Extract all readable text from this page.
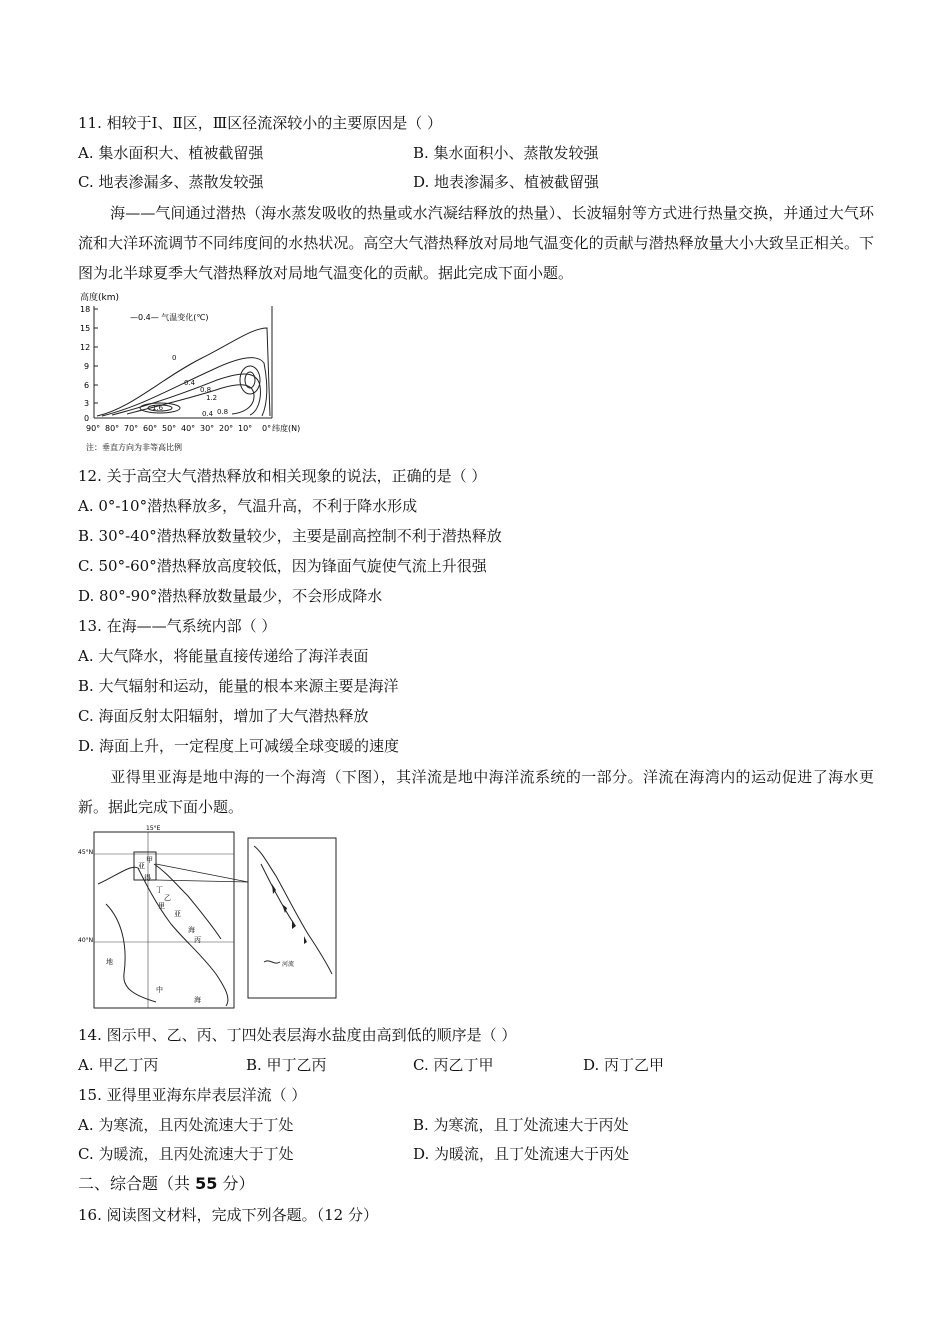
11. 相较于Ⅰ、Ⅱ区，Ⅲ区径流深较小的主要原因是（ ）
A. 集水面积大、植被截留强	B. 集水面积小、蒸散发较强
C. 地表渗漏多、蒸散发较强	D. 地表渗漏多、植被截留强
海——气间通过潜热（海水蒸发吸收的热量或水汽凝结释放的热量）、长波辐射等方式进行热量交换，并通过大气环流和大洋环流调节不同纬度间的水热状况。高空大气潜热释放对局地气温变化的贡献与潜热释放量大小大致呈正相关。下图为北半球夏季大气潜热释放对局地气温变化的贡献。据此完成下面小题。
高度(km)
18
15
12
9
6
3
0
90° 80° 70° 60° 50° 40° 30° 20° 10° 0° 纬度(N)
—0.4— 气温变化(℃)
0
0.4
0.8
1.2
1.6
0.4 0.8
注：垂直方向为非等高比例
12. 关于高空大气潜热释放和相关现象的说法，正确的是（ ）
A. 0°-10°潜热释放多，气温升高，不利于降水形成
B. 30°-40°潜热释放数量较少，主要是副高控制不利于潜热释放
C. 50°-60°潜热释放高度较低，因为锋面气旋使气流上升很强
D. 80°-90°潜热释放数量最少，不会形成降水
13. 在海——气系统内部（ ）
A. 大气降水，将能量直接传递给了海洋表面
B. 大气辐射和运动，能量的根本来源主要是海洋
C. 海面反射太阳辐射，增加了大气潜热释放
D. 海面上升，一定程度上可减缓全球变暖的速度
亚得里亚海是地中海的一个海湾（下图），其洋流是地中海洋流系统的一部分。洋流在海湾内的运动促进了海水更新。据此完成下面小题。
15°E
45°N
40°N
亚
甲
得
丁
里
亚
海
乙
丙
地
中
海
河流
14. 图示甲、乙、丙、丁四处表层海水盐度由高到低的顺序是（ ）
A. 甲乙丁丙	B. 甲丁乙丙	C. 丙乙丁甲	D. 丙丁乙甲
15. 亚得里亚海东岸表层洋流（ ）
A. 为寒流，且丙处流速大于丁处	B. 为寒流，且丁处流速大于丙处
C. 为暖流，且丙处流速大于丁处	D. 为暖流，且丁处流速大于丙处
二、综合题（共 55 分）
16. 阅读图文材料，完成下列各题。（12 分）
